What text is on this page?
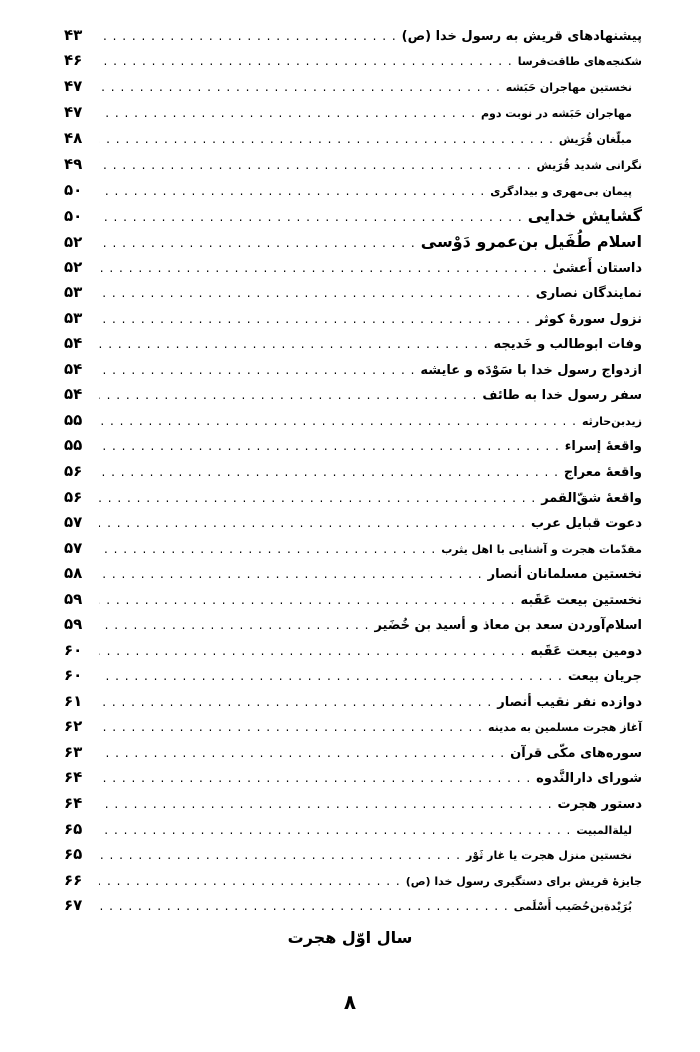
پیشنهادهای قریش به رسول خدا (ص)
. . .
۴۳
شکنجه‌های طاقت‌فرسا
. . .
۴۶
نخستین مهاجران حَبَشه
. . .
۴۷
مهاجران حَبَشه در نوبت دوم
. . .
۴۷
مبلّغان قُرَیش
. . .
۴۸
نگرانی شدید قُرَیش
. . .
۴۹
پیمان بی‌مهری و بیدادگری
. . .
۵۰
گشایش خدایی
. . .
۵۰
اسلام طُفَیل بن‌عمرو دَوْسی
. . .
۵۲
داستان أَعشیٰ
. . .
۵۲
نمایندگان نصاری
. . .
۵۳
نزول سورهٔ کوثر
. . .
۵۳
وفات ابوطالب و خَدیجه
. . .
۵۴
ازدواج رسول خدا با سَوْدَه و عایشه
. . .
۵۴
سفر رسول خدا به طائف
. . .
۵۴
زیدبن‌حارثه
. . .
۵۵
واقعهٔ إسراء
. . .
۵۵
واقعهٔ معراج
. . .
۵۶
واقعهٔ شقّ‌القمر
. . .
۵۶
دعوت قبایل عرب
. . .
۵۷
مقدّمات هجرت و آشنایی با اهل یثرب
. . .
۵۷
نخستین مسلمانان أنصار
. . .
۵۸
نخستین بیعت عَقَبه
. . .
۵۹
اسلام‌آوردن سعد بن معاذ و أسید بن خُضَیر
. . .
۵۹
دومین بیعت عَقَبه
. . .
۶۰
جریان بیعت
. . .
۶۰
دوازده نفر نقیب أنصار
. . .
۶۱
آغاز هجرت مسلمین به مدینه
. . .
۶۲
سوره‌های مکّی قرآن
. . .
۶۳
شورای دارالنَّدوه
. . .
۶۴
دستور هجرت
. . .
۶۴
لیلة‌المبیت
. . .
۶۵
نخستین منزل هجرت یا غار ثَوْر
. . .
۶۵
جایزهٔ قریش برای دستگیری رسول خدا (ص)
. . .
۶۶
بُرَیْدة‌بن‌حُصَیب أَسْلَمی
. . .
۶۷
سال اوّل هجرت
۸
